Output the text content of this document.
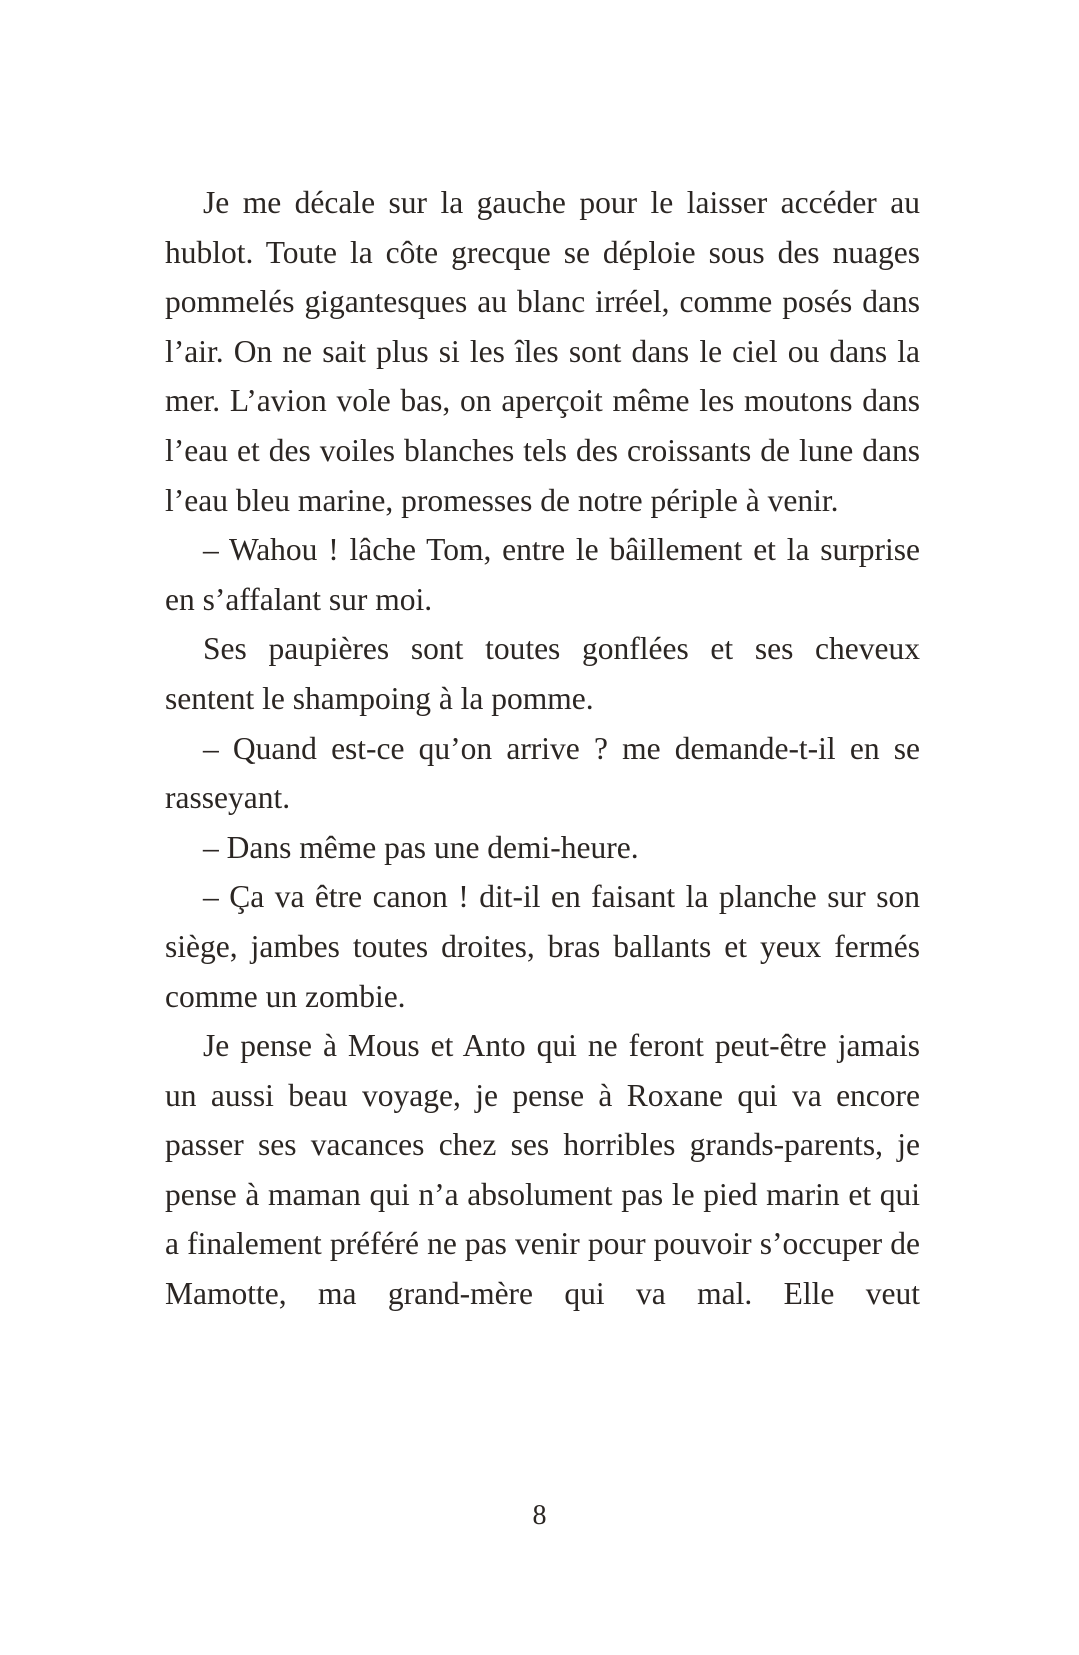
Je me décale sur la gauche pour le laisser accéder au hublot. Toute la côte grecque se déploie sous des nuages pommelés gigantesques au blanc irréel, comme posés dans l’air. On ne sait plus si les îles sont dans le ciel ou dans la mer. L’avion vole bas, on aperçoit même les moutons dans l’eau et des voiles blanches tels des croissants de lune dans l’eau bleu marine, promesses de notre périple à venir.

– Wahou ! lâche Tom, entre le bâillement et la surprise en s’affalant sur moi.

Ses paupières sont toutes gonflées et ses cheveux sentent le shampoing à la pomme.

– Quand est-ce qu’on arrive ? me demande-t-il en se rasseyant.

– Dans même pas une demi-heure.

– Ça va être canon ! dit-il en faisant la planche sur son siège, jambes toutes droites, bras ballants et yeux fermés comme un zombie.

Je pense à Mous et Anto qui ne feront peut-être jamais un aussi beau voyage, je pense à Roxane qui va encore passer ses vacances chez ses horribles grands-parents, je pense à maman qui n’a absolument pas le pied marin et qui a finalement préféré ne pas venir pour pouvoir s’occuper de Mamotte, ma grand-mère qui va mal. Elle veut

8
